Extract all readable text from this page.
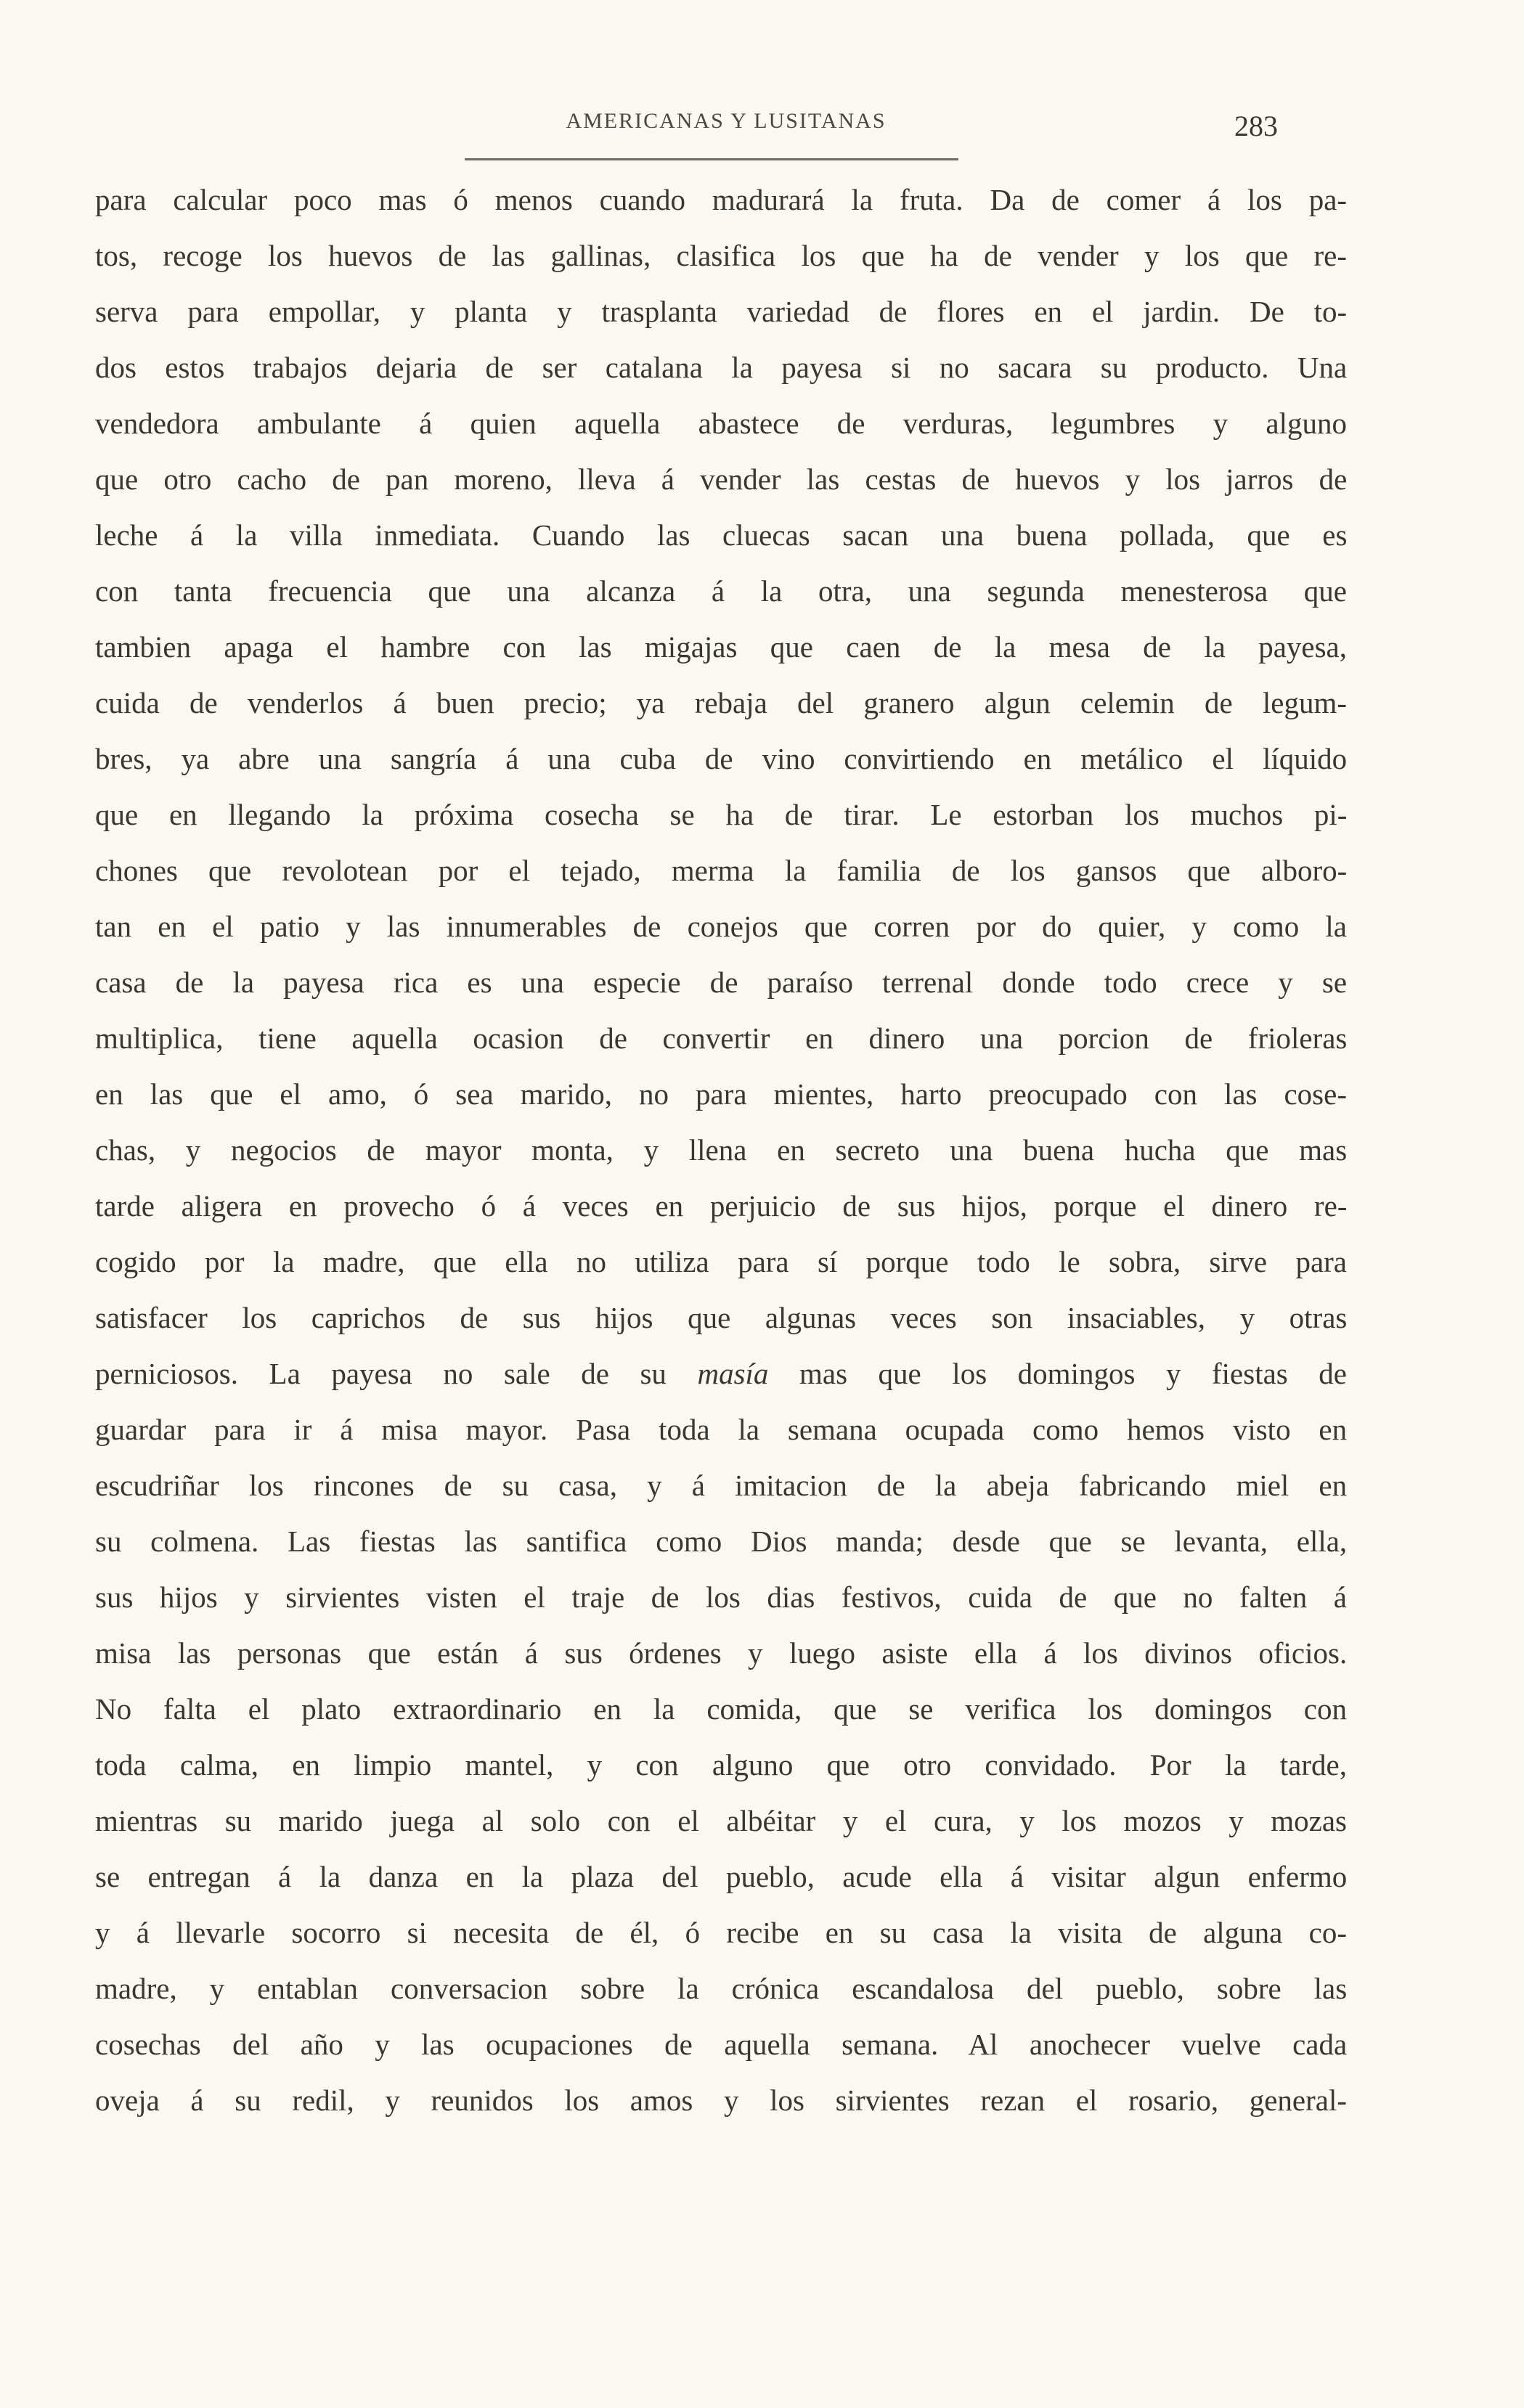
AMERICANAS Y LUSITANAS	283
para calcular poco mas ó menos cuando madurará la fruta. Da de comer á los pa-
tos, recoge los huevos de las gallinas, clasifica los que ha de vender y los que re-
serva para empollar, y planta y trasplanta variedad de flores en el jardin. De to-
dos estos trabajos dejaria de ser catalana la payesa si no sacara su producto. Una
vendedora ambulante á quien aquella abastece de verduras, legumbres y alguno
que otro cacho de pan moreno, lleva á vender las cestas de huevos y los jarros de
leche á la villa inmediata. Cuando las cluecas sacan una buena pollada, que es
con tanta frecuencia que una alcanza á la otra, una segunda menesterosa que
tambien apaga el hambre con las migajas que caen de la mesa de la payesa,
cuida de venderlos á buen precio; ya rebaja del granero algun celemin de legum-
bres, ya abre una sangría á una cuba de vino convirtiendo en metálico el líquido
que en llegando la próxima cosecha se ha de tirar. Le estorban los muchos pi-
chones que revolotean por el tejado, merma la familia de los gansos que alboro-
tan en el patio y las innumerables de conejos que corren por do quier, y como la
casa de la payesa rica es una especie de paraíso terrenal donde todo crece y se
multiplica, tiene aquella ocasion de convertir en dinero una porcion de frioleras
en las que el amo, ó sea marido, no para mientes, harto preocupado con las cose-
chas, y negocios de mayor monta, y llena en secreto una buena hucha que mas
tarde aligera en provecho ó á veces en perjuicio de sus hijos, porque el dinero re-
cogido por la madre, que ella no utiliza para sí porque todo le sobra, sirve para
satisfacer los caprichos de sus hijos que algunas veces son insaciables, y otras
perniciosos. La payesa no sale de su masía mas que los domingos y fiestas de
guardar para ir á misa mayor. Pasa toda la semana ocupada como hemos visto en
escudriñar los rincones de su casa, y á imitacion de la abeja fabricando miel en
su colmena. Las fiestas las santifica como Dios manda; desde que se levanta, ella,
sus hijos y sirvientes visten el traje de los dias festivos, cuida de que no falten á
misa las personas que están á sus órdenes y luego asiste ella á los divinos oficios.
No falta el plato extraordinario en la comida, que se verifica los domingos con
toda calma, en limpio mantel, y con alguno que otro convidado. Por la tarde,
mientras su marido juega al solo con el albéitar y el cura, y los mozos y mozas
se entregan á la danza en la plaza del pueblo, acude ella á visitar algun enfermo
y á llevarle socorro si necesita de él, ó recibe en su casa la visita de alguna co-
madre, y entablan conversacion sobre la crónica escandalosa del pueblo, sobre las
cosechas del año y las ocupaciones de aquella semana. Al anochecer vuelve cada
oveja á su redil, y reunidos los amos y los sirvientes rezan el rosario, general-
